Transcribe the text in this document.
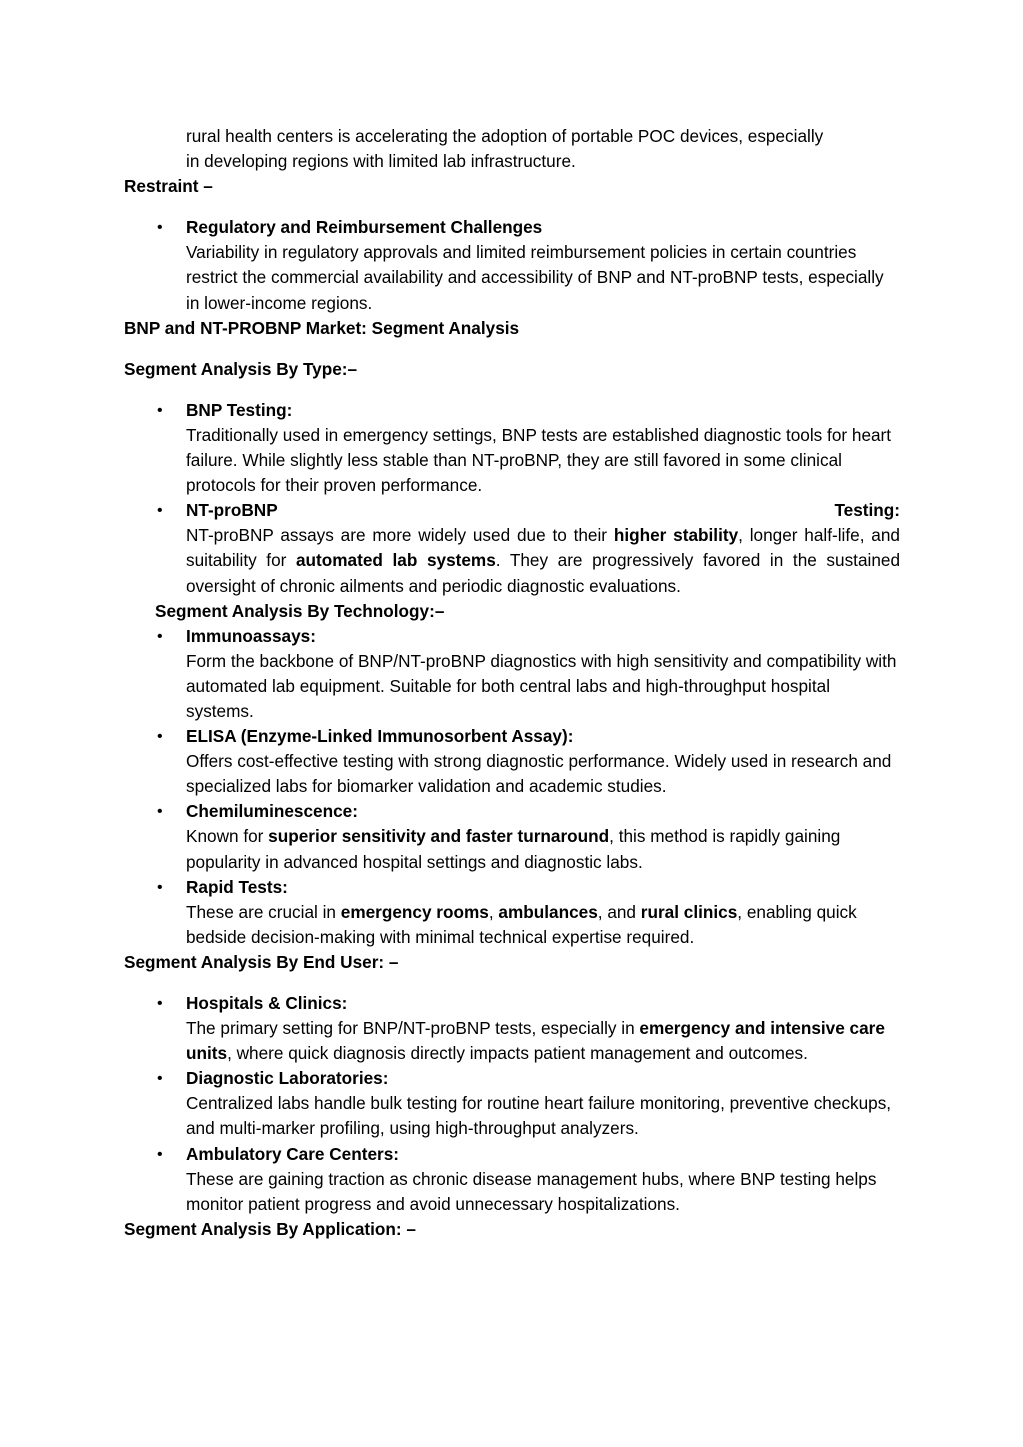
rural health centers is accelerating the adoption of portable POC devices, especially
in developing regions with limited lab infrastructure.

Restraint –

• Regulatory and Reimbursement Challenges
Variability in regulatory approvals and limited reimbursement policies in certain countries restrict the commercial availability and accessibility of BNP and NT-proBNP tests, especially in lower-income regions.

BNP and NT-PROBNP Market: Segment Analysis

Segment Analysis By Type:–

• BNP Testing:
Traditionally used in emergency settings, BNP tests are established diagnostic tools for heart failure. While slightly less stable than NT-proBNP, they are still favored in some clinical protocols for their proven performance.
• NT-proBNP	Testing:
NT-proBNP assays are more widely used due to their higher stability, longer half-life, and suitability for automated lab systems. They are progressively favored in the sustained oversight of chronic ailments and periodic diagnostic evaluations.
Segment Analysis By Technology:–
• Immunoassays:
Form the backbone of BNP/NT-proBNP diagnostics with high sensitivity and compatibility with automated lab equipment. Suitable for both central labs and high-throughput hospital systems.
• ELISA (Enzyme-Linked Immunosorbent Assay):
Offers cost-effective testing with strong diagnostic performance. Widely used in research and specialized labs for biomarker validation and academic studies.
• Chemiluminescence:
Known for superior sensitivity and faster turnaround, this method is rapidly gaining popularity in advanced hospital settings and diagnostic labs.
• Rapid Tests:
These are crucial in emergency rooms, ambulances, and rural clinics, enabling quick bedside decision-making with minimal technical expertise required.

Segment Analysis By End User: –

• Hospitals & Clinics:
The primary setting for BNP/NT-proBNP tests, especially in emergency and intensive care units, where quick diagnosis directly impacts patient management and outcomes.
• Diagnostic Laboratories:
Centralized labs handle bulk testing for routine heart failure monitoring, preventive checkups, and multi-marker profiling, using high-throughput analyzers.
• Ambulatory Care Centers:
These are gaining traction as chronic disease management hubs, where BNP testing helps monitor patient progress and avoid unnecessary hospitalizations.

Segment Analysis By Application: –
